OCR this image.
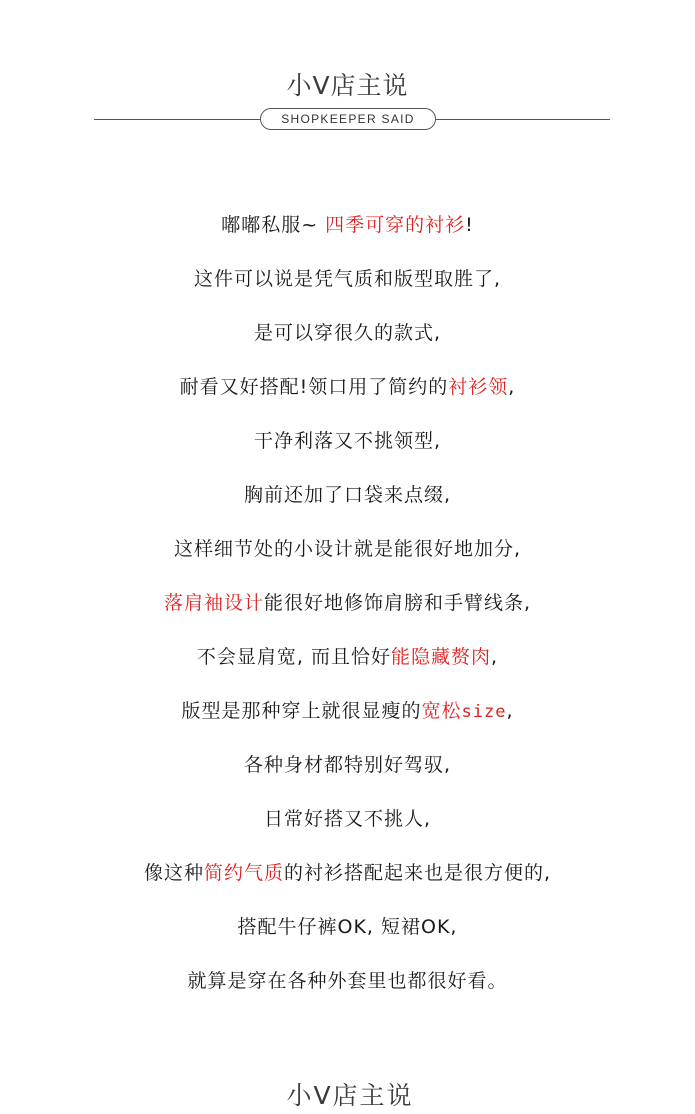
小V店主说
SHOPKEEPER SAID
嘟嘟私服~ 四季可穿的衬衫!
这件可以说是凭气质和版型取胜了,
是可以穿很久的款式,
耐看又好搭配!领口用了简约的衬衫领,
干净利落又不挑领型,
胸前还加了口袋来点缀,
这样细节处的小设计就是能很好地加分,
落肩袖设计能很好地修饰肩膀和手臂线条,
不会显肩宽, 而且恰好能隐藏赘肉,
版型是那种穿上就很显瘦的宽松size,
各种身材都特别好驾驭,
日常好搭又不挑人,
像这种简约气质的衬衫搭配起来也是很方便的,
搭配牛仔裤OK, 短裙OK,
就算是穿在各种外套里也都很好看。
小V店主说
